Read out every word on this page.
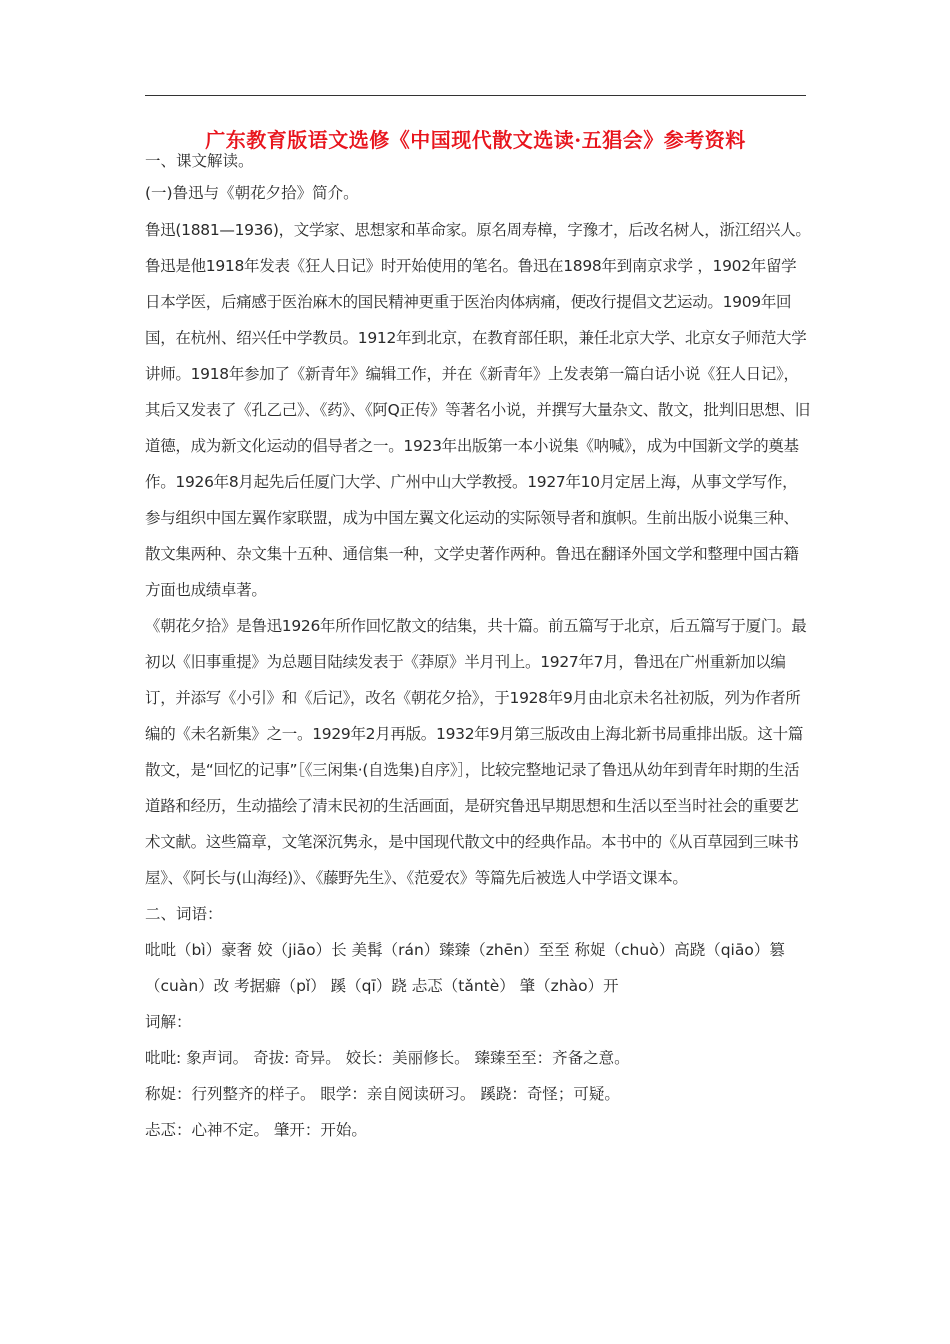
广东教育版语文选修《中国现代散文选读·五猖会》参考资料

一、课文解读。

(一)鲁迅与《朝花夕拾》简介。

鲁迅(1881—1936)，文学家、思想家和革命家。原名周寿樟，字豫才，后改名树人，浙江绍兴人。鲁迅是他1918年发表《狂人日记》时开始使用的笔名。鲁迅在1898年到南京求学 ，1902年留学日本学医，后痛感于医治麻木的国民精神更重于医治肉体病痛，便改行提倡文艺运动。1909年回国，在杭州、绍兴任中学教员。1912年到北京，在教育部任职，兼任北京大学、北京女子师范大学讲师。1918年参加了《新青年》编辑工作，并在《新青年》上发表第一篇白话小说《狂人日记》，其后又发表了《孔乙己》、《药》、《阿Q正传》等著名小说，并撰写大量杂文、散文，批判旧思想、旧道德，成为新文化运动的倡导者之一。1923年出版第一本小说集《呐喊》，成为中国新文学的奠基作。1926年8月起先后任厦门大学、广州中山大学教授。1927年10月定居上海，从事文学写作，参与组织中国左翼作家联盟，成为中国左翼文化运动的实际领导者和旗帜。生前出版小说集三种、散文集两种、杂文集十五种、通信集一种，文学史著作两种。鲁迅在翻译外国文学和整理中国古籍方面也成绩卓著。

《朝花夕拾》是鲁迅1926年所作回忆散文的结集，共十篇。前五篇写于北京，后五篇写于厦门。最初以《旧事重提》为总题目陆续发表于《莽原》半月刊上。1927年7月，鲁迅在广州重新加以编订，并添写《小引》和《后记》，改名《朝花夕拾》，于1928年9月由北京未名社初版，列为作者所编的《未名新集》之一。1929年2月再版。1932年9月第三版改由上海北新书局重排出版。这十篇散文，是“回忆的记事”［《三闲集·(自选集)自序》］，比较完整地记录了鲁迅从幼年到青年时期的生活道路和经历，生动描绘了清末民初的生活画面，是研究鲁迅早期思想和生活以至当时社会的重要艺术文献。这些篇章，文笔深沉隽永，是中国现代散文中的经典作品。本书中的《从百草园到三味书屋》、《阿长与(山海经)》、《藤野先生》、《范爱农》等篇先后被选人中学语文课本。

二、词语：

吡吡（bì）豪奢 姣（jiāo）长 美髯（rán）臻臻（zhēn）至至 称娖（chuò）高跷（qiāo）篡

（cuàn）改 考据癖（pǐ） 蹊（qī）跷 忐忑（tǎntè） 肇（zhào）开

词解：

吡吡: 象声词。 奇拔: 奇异。 姣长：美丽修长。 臻臻至至：齐备之意。

称娖：行列整齐的样子。 眼学：亲自阅读研习。 蹊跷：奇怪；可疑。

忐忑：心神不定。 肇开：开始。
